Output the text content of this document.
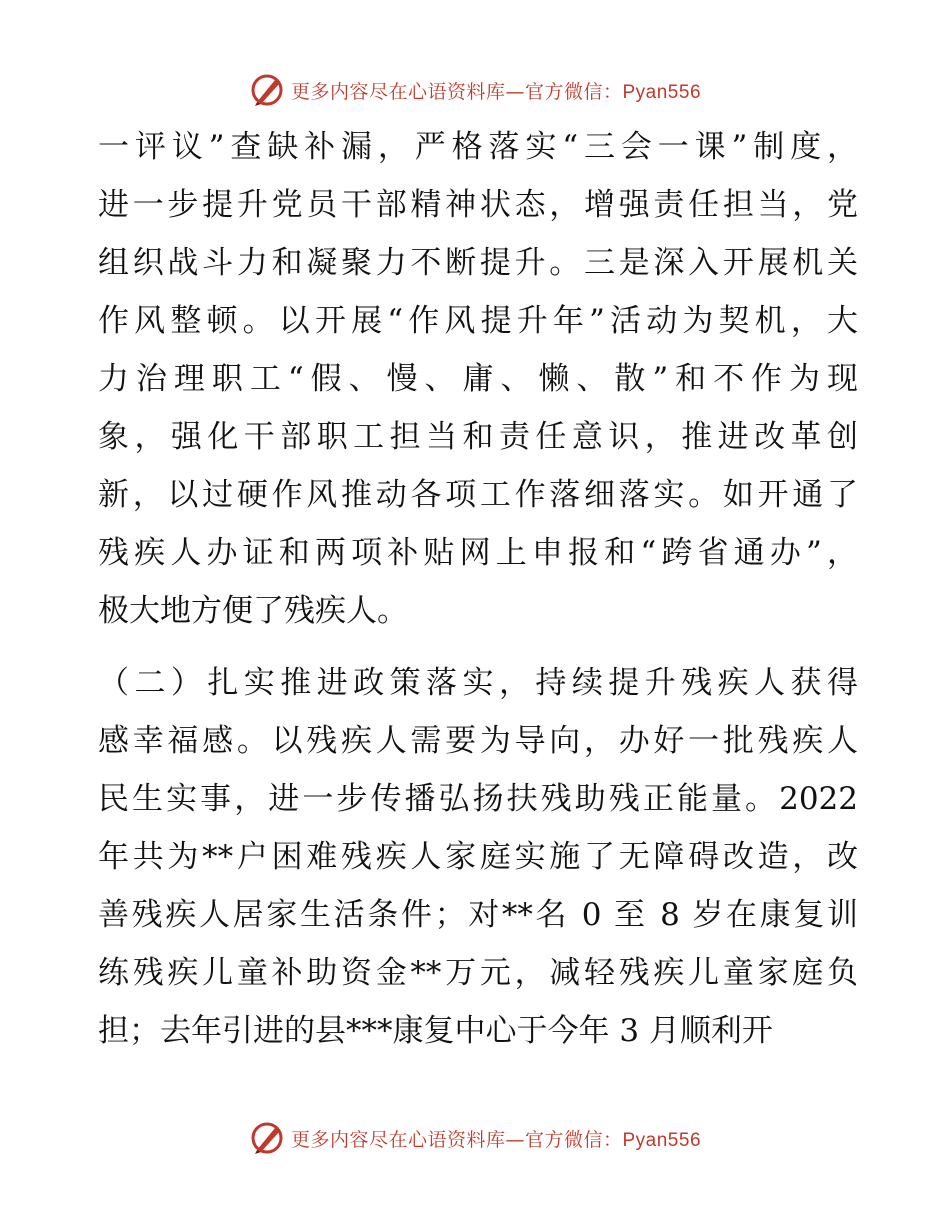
更多内容尽在心语资料库—官方微信：Pyan556
一评议”查缺补漏，严格落实“三会一课”制度，
进一步提升党员干部精神状态，增强责任担当，党
组织战斗力和凝聚力不断提升。三是深入开展机关
作风整顿。以开展“作风提升年”活动为契机，大
力治理职工“假、慢、庸、懒、散”和不作为现
象，强化干部职工担当和责任意识，推进改革创
新，以过硬作风推动各项工作落细落实。如开通了
残疾人办证和两项补贴网上申报和“跨省通办”，
极大地方便了残疾人。
（二）扎实推进政策落实，持续提升残疾人获得
感幸福感。以残疾人需要为导向，办好一批残疾人
民生实事，进一步传播弘扬扶残助残正能量。2022
年共为**户困难残疾人家庭实施了无障碍改造，改
善残疾人居家生活条件；对**名 0 至 8 岁在康复训
练残疾儿童补助资金**万元，减轻残疾儿童家庭负
担；去年引进的县***康复中心于今年 3 月顺利开
更多内容尽在心语资料库—官方微信：Pyan556
